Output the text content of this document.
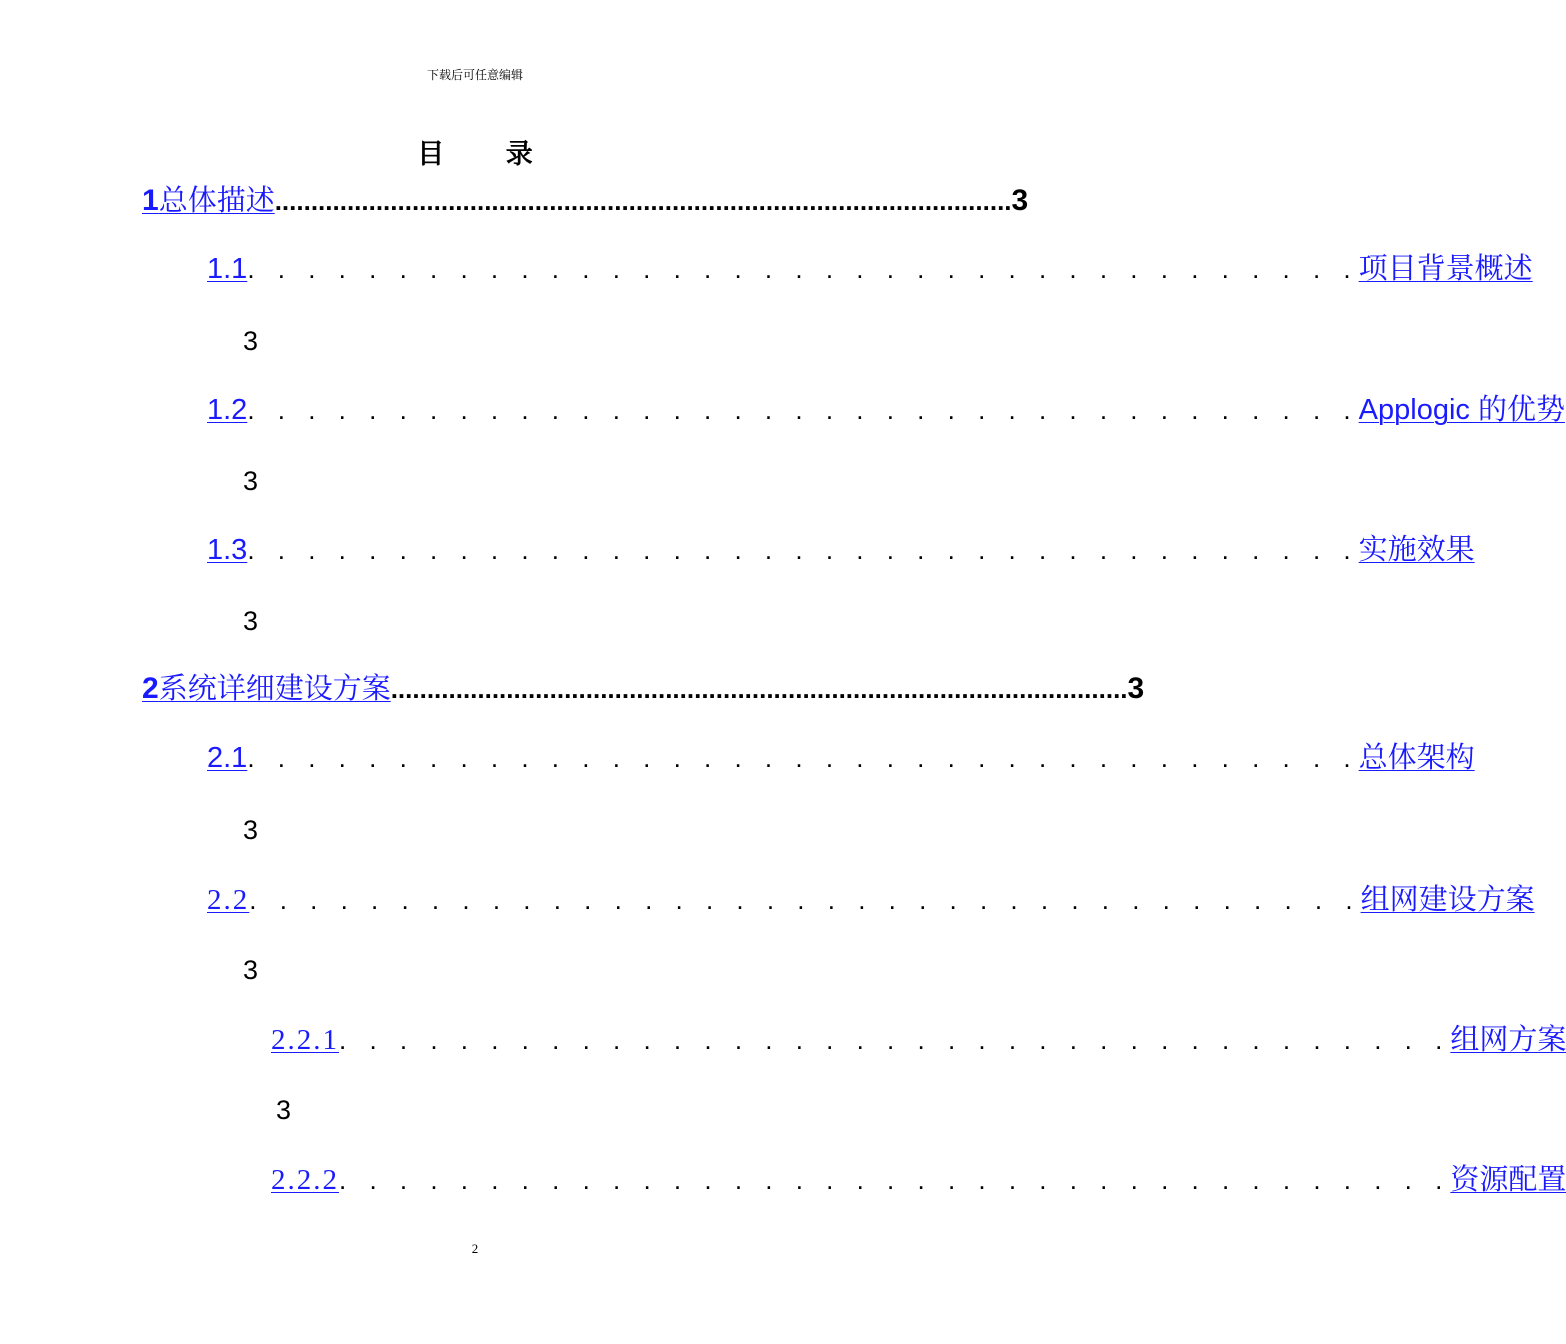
下载后可任意编辑
目 录
1 总体描述 ...................................................................................................... 3
1.1 . . . . . . . . . . . . . . . . . . . . . . . . . . . . . . . . . . . . . 项目背景概述
3
1.2 . . . . . . . . . . . . . . . . . . . . . . . . . . . . . . . . . . . . . Applogic 的优势
3
1.3 . . . . . . . . . . . . . . . . . . . . . . . . . . . . . . . . . . . . . 实施效果
3
2 系统详细建设方案 ...................................................................................................... 3
2.1 . . . . . . . . . . . . . . . . . . . . . . . . . . . . . . . . . . . . . 总体架构
3
2.2 . . . . . . . . . . . . . . . . . . . . . . . . . . . . . . . . . . . . . 组网建设方案
3
2.2.1 . . . . . . . . . . . . . . . . . . . . . . . . . . . . . . . . . . . . . 组网方案
3
2.2.2 . . . . . . . . . . . . . . . . . . . . . . . . . . . . . . . . . . . . . 资源配置
2
